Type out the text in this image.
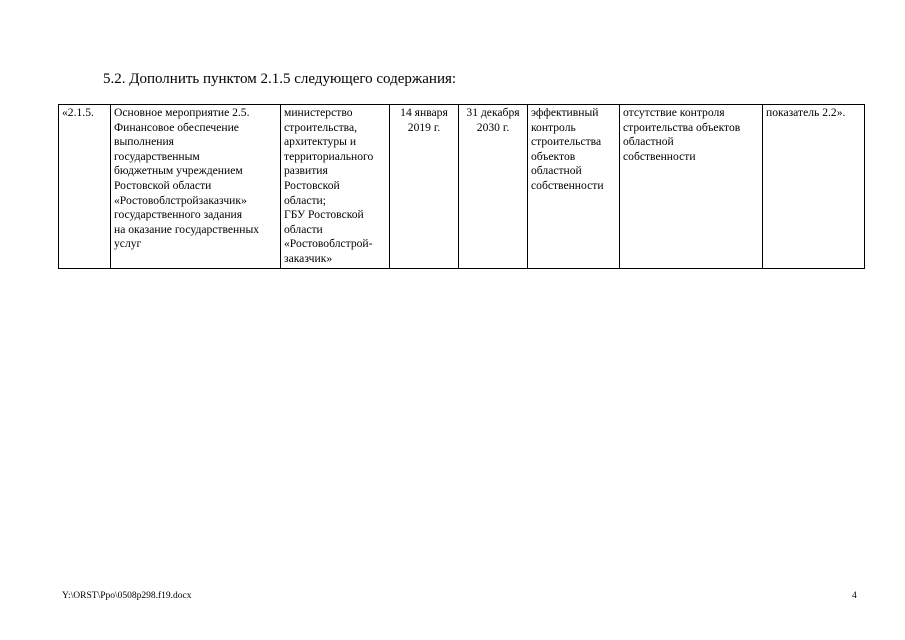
5.2. Дополнить пунктом 2.1.5 следующего содержания:
«2.1.5.	Основное мероприятие 2.5.
Финансовое обеспечение
выполнения
государственным
бюджетным учреждением
Ростовской области
«Ростовоблстройзаказчик»
государственного задания
на оказание государственных
услуг	министерство
строительства,
архитектуры и
территориального
развития
Ростовской
области;
ГБУ Ростовской
области
«Ростовоблстрой-
заказчик»	14 января
2019 г.	31 декабря
2030 г.	эффективный
контроль
строительства
объектов
областной
собственности	отсутствие контроля
строительства объектов
областной
собственности	показатель 2.2».
Y:\ORST\Ppo\0508p298.f19.docx	4
